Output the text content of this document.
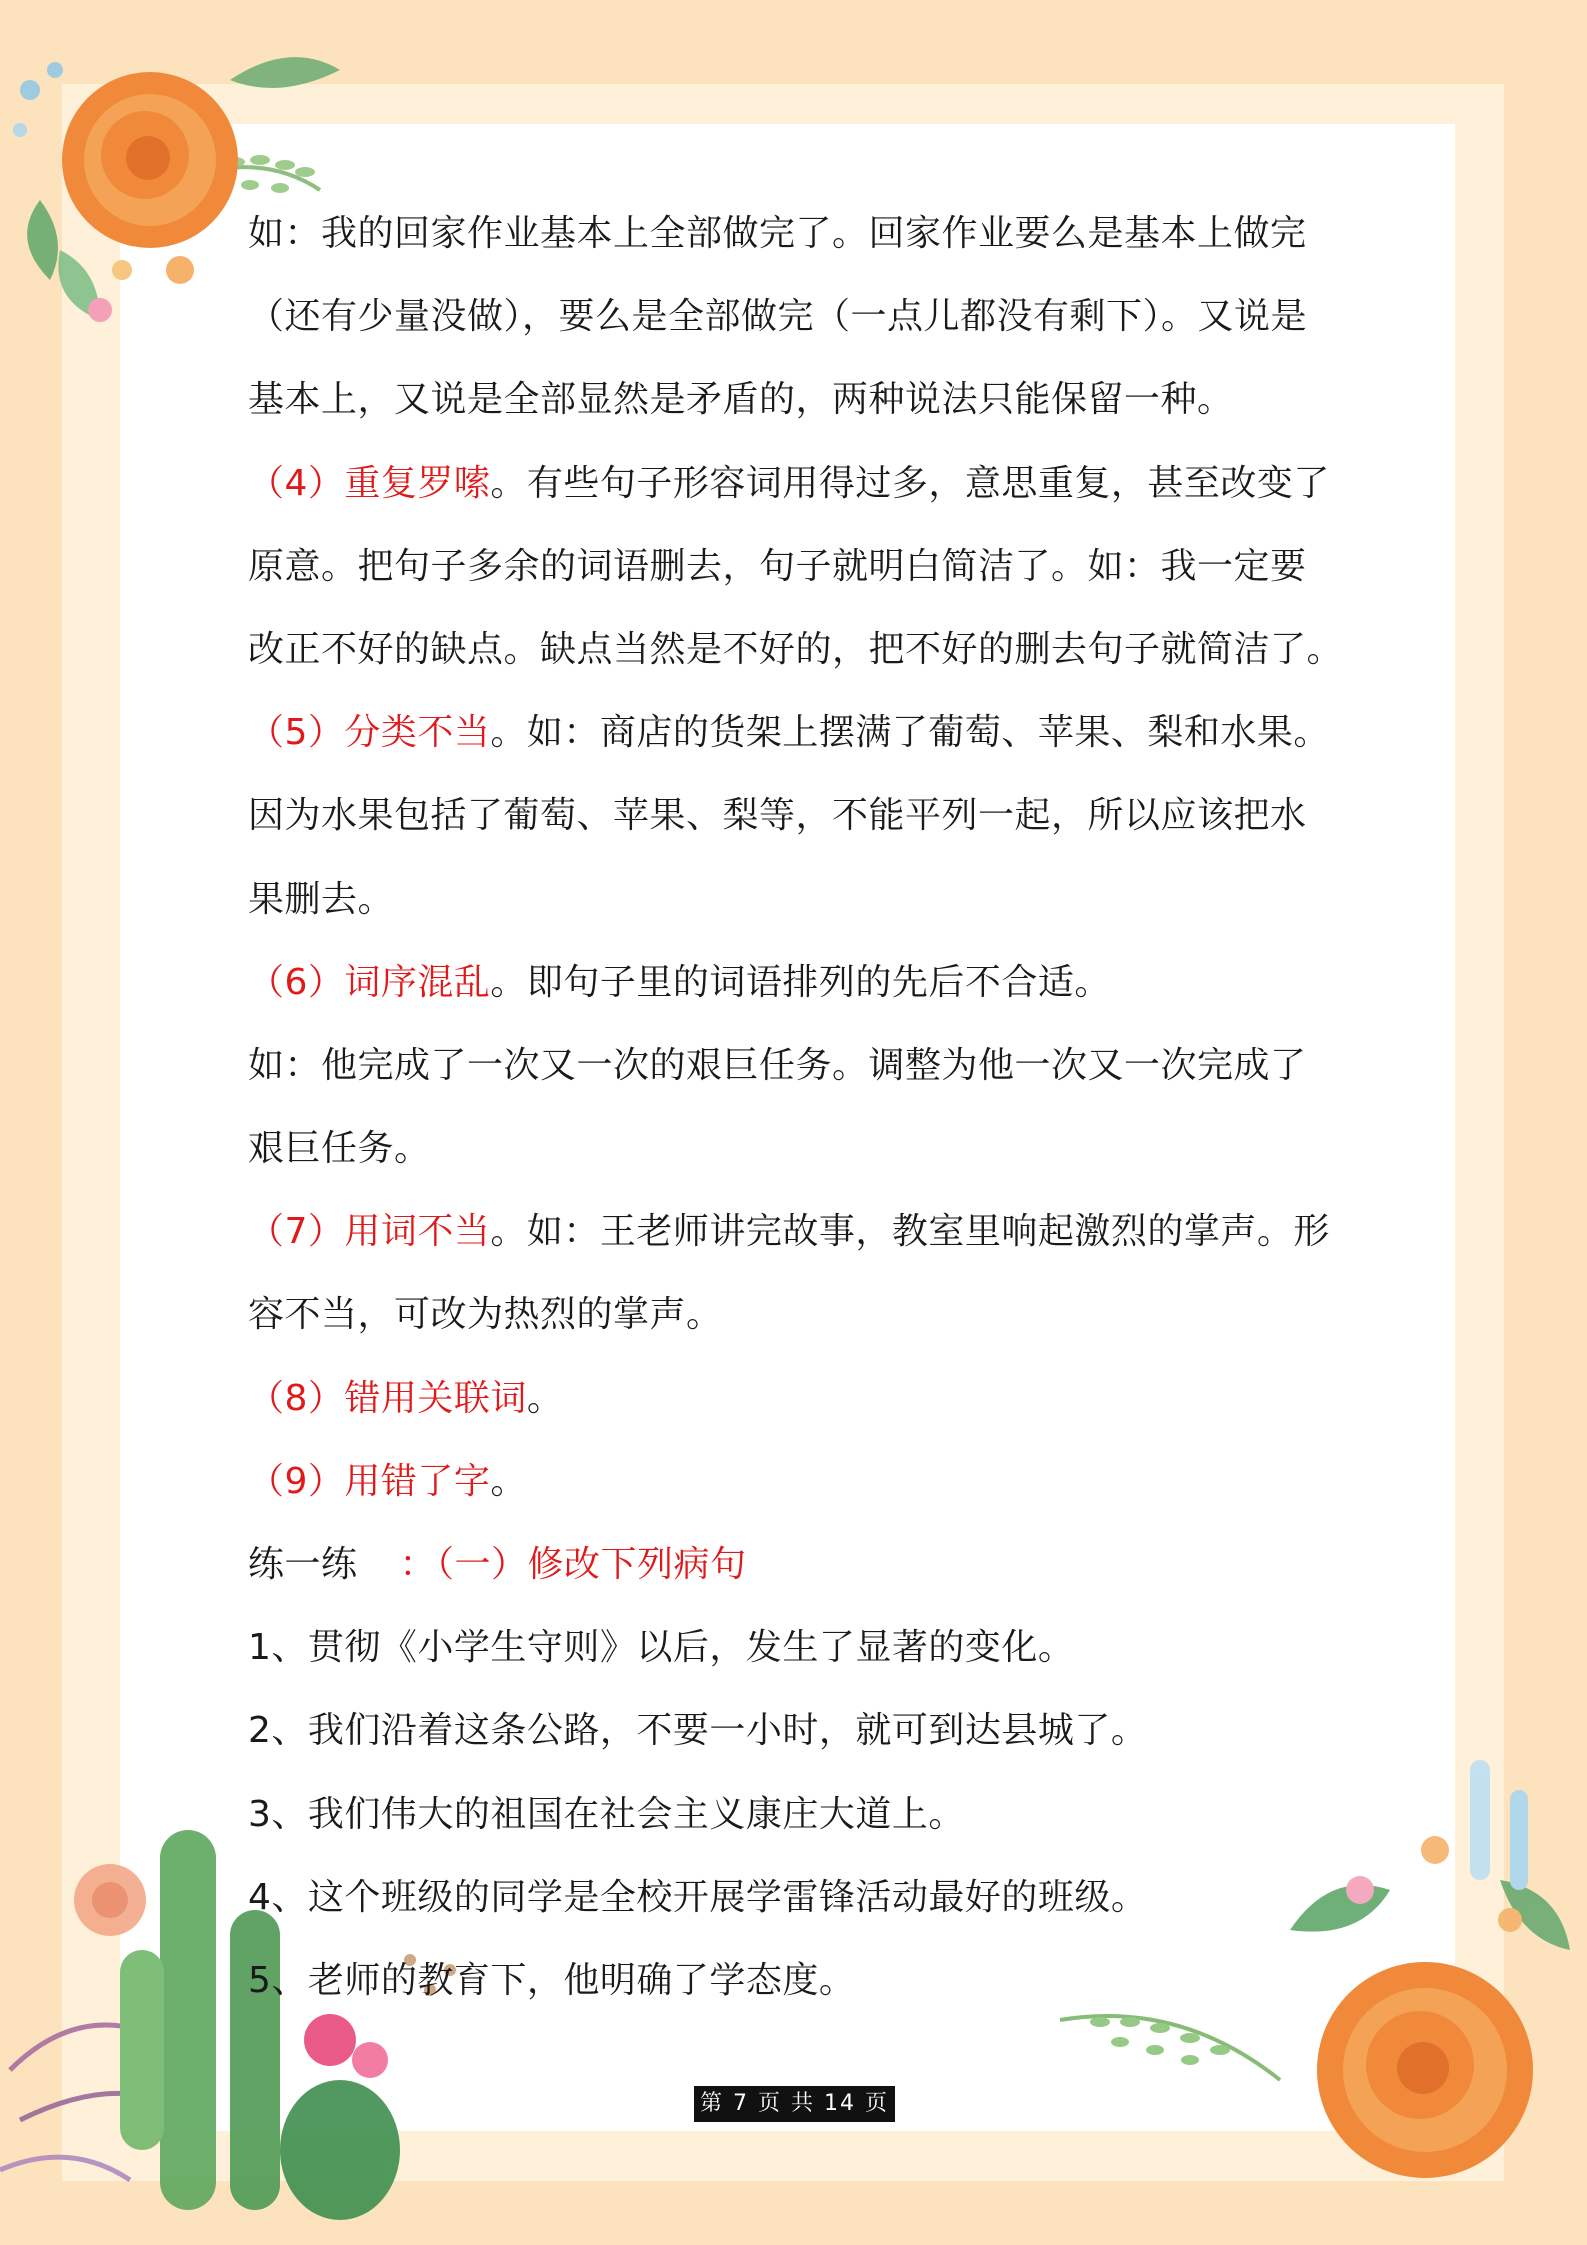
如：我的回家作业基本上全部做完了。回家作业要么是基本上做完
（还有少量没做），要么是全部做完（一点儿都没有剩下）。又说是
基本上，又说是全部显然是矛盾的，两种说法只能保留一种。
（4）重复罗嗦。有些句子形容词用得过多，意思重复，甚至改变了
原意。把句子多余的词语删去，句子就明白简洁了。如：我一定要
改正不好的缺点。缺点当然是不好的，把不好的删去句子就简洁了。
（5）分类不当。如：商店的货架上摆满了葡萄、苹果、梨和水果。
因为水果包括了葡萄、苹果、梨等，不能平列一起，所以应该把水
果删去。
（6）词序混乱。即句子里的词语排列的先后不合适。
如：他完成了一次又一次的艰巨任务。调整为他一次又一次完成了
艰巨任务。
（7）用词不当。如：王老师讲完故事，教室里响起激烈的掌声。形
容不当，可改为热烈的掌声。
（8）错用关联词。
（9）用错了字。
练一练 ：（一）修改下列病句
1、贯彻《小学生守则》以后，发生了显著的变化。
2、我们沿着这条公路，不要一小时，就可到达县城了。
3、我们伟大的祖国在社会主义康庄大道上。
4、这个班级的同学是全校开展学雷锋活动最好的班级。
5、老师的教育下，他明确了学态度。
第 7 页 共 14 页
